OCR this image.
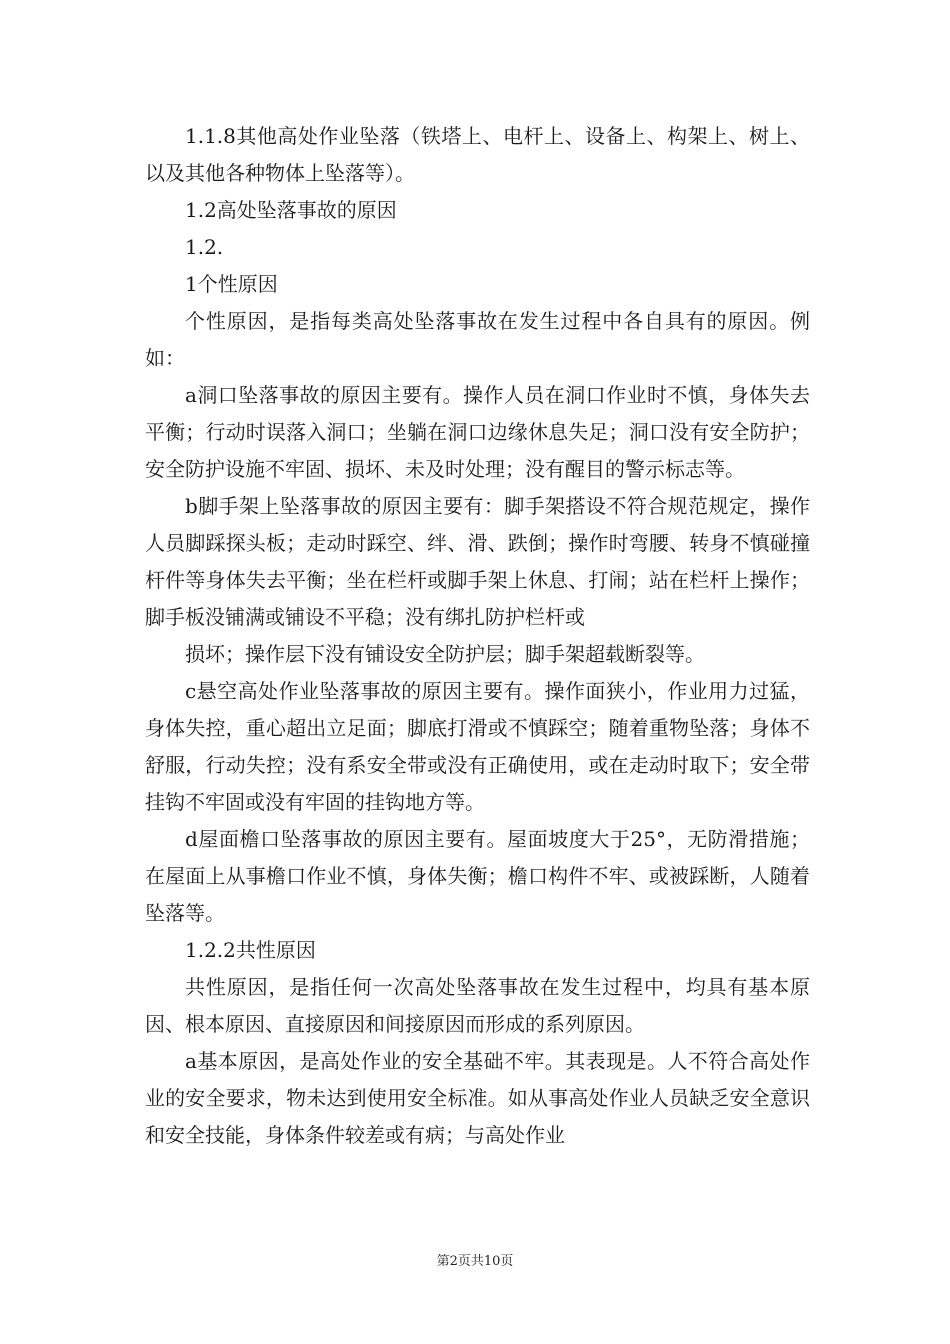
1.1.8其他高处作业坠落（铁塔上、电杆上、设备上、构架上、树上、以及其他各种物体上坠落等）。

1.2高处坠落事故的原因

1.2.

1个性原因

个性原因，是指每类高处坠落事故在发生过程中各自具有的原因。例如：

a洞口坠落事故的原因主要有。操作人员在洞口作业时不慎，身体失去平衡；行动时误落入洞口；坐躺在洞口边缘休息失足；洞口没有安全防护；安全防护设施不牢固、损坏、未及时处理；没有醒目的警示标志等。

b脚手架上坠落事故的原因主要有：脚手架搭设不符合规范规定，操作人员脚踩探头板；走动时踩空、绊、滑、跌倒；操作时弯腰、转身不慎碰撞杆件等身体失去平衡；坐在栏杆或脚手架上休息、打闹；站在栏杆上操作；脚手板没铺满或铺设不平稳；没有绑扎防护栏杆或

损坏；操作层下没有铺设安全防护层；脚手架超载断裂等。

c悬空高处作业坠落事故的原因主要有。操作面狭小，作业用力过猛，身体失控，重心超出立足面；脚底打滑或不慎踩空；随着重物坠落；身体不舒服，行动失控；没有系安全带或没有正确使用，或在走动时取下；安全带挂钩不牢固或没有牢固的挂钩地方等。

d屋面檐口坠落事故的原因主要有。屋面坡度大于25°，无防滑措施；在屋面上从事檐口作业不慎，身体失衡；檐口构件不牢、或被踩断，人随着坠落等。

1.2.2共性原因

共性原因，是指任何一次高处坠落事故在发生过程中，均具有基本原因、根本原因、直接原因和间接原因而形成的系列原因。

a基本原因，是高处作业的安全基础不牢。其表现是。人不符合高处作业的安全要求，物未达到使用安全标准。如从事高处作业人员缺乏安全意识和安全技能，身体条件较差或有病；与高处作业

第2页共10页
